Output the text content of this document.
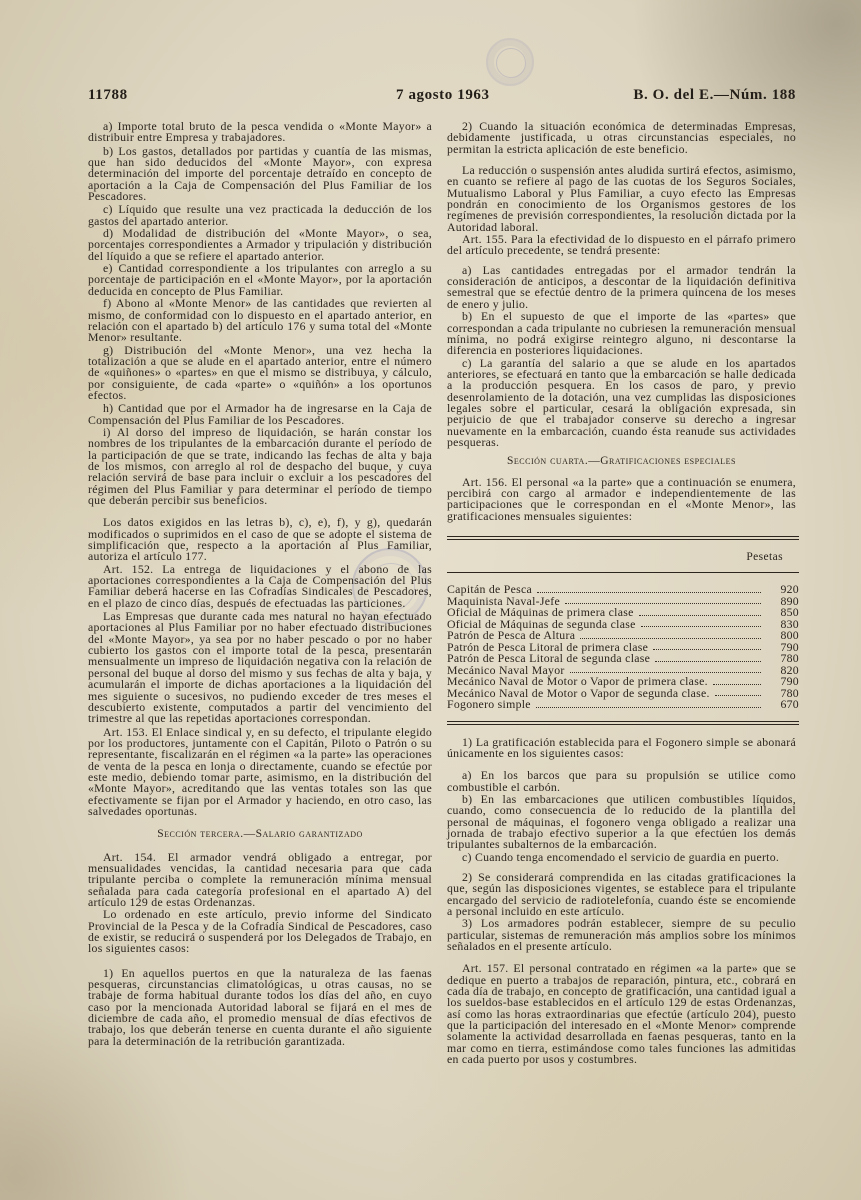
11788	7 agosto 1963	B. O. del E.—Núm. 188

a) Importe total bruto de la pesca vendida o «Monte Mayor» a distribuir entre Empresa y trabajadores.

b) Los gastos, detallados por partidas y cuantía de las mismas, que han sido deducidos del «Monte Mayor», con expresa determinación del importe del porcentaje detraído en concepto de aportación a la Caja de Compensación del Plus Familiar de los Pescadores.

c) Líquido que resulte una vez practicada la deducción de los gastos del apartado anterior.

d) Modalidad de distribución del «Monte Mayor», o sea, porcentajes correspondientes a Armador y tripulación y distribución del líquido a que se refiere el apartado anterior.

e) Cantidad correspondiente a los tripulantes con arreglo a su porcentaje de participación en el «Monte Mayor», por la aportación deducida en concepto de Plus Familiar.

f) Abono al «Monte Menor» de las cantidades que revierten al mismo, de conformidad con lo dispuesto en el apartado anterior, en relación con el apartado b) del artículo 176 y suma total del «Monte Menor» resultante.

g) Distribución del «Monte Menor», una vez hecha la totalización a que se alude en el apartado anterior, entre el número de «quiñones» o «partes» en que el mismo se distribuya, y cálculo, por consiguiente, de cada «parte» o «quiñón» a los oportunos efectos.

h) Cantidad que por el Armador ha de ingresarse en la Caja de Compensación del Plus Familiar de los Pescadores.

i) Al dorso del impreso de liquidación, se harán constar los nombres de los tripulantes de la embarcación durante el período de la participación de que se trate, indicando las fechas de alta y baja de los mismos, con arreglo al rol de despacho del buque, y cuya relación servirá de base para incluir o excluir a los pescadores del régimen del Plus Familiar y para determinar el período de tiempo que deberán percibir sus beneficios.

Los datos exigidos en las letras b), c), e), f), y g), quedarán modificados o suprimidos en el caso de que se adopte el sistema de simplificación que, respecto a la aportación al Plus Familiar, autoriza el artículo 177.

Art. 152. La entrega de liquidaciones y el abono de las aportaciones correspondientes a la Caja de Compensación del Plus Familiar deberá hacerse en las Cofradías Sindicales de Pescadores, en el plazo de cinco días, después de efectuadas las particiones.

Las Empresas que durante cada mes natural no hayan efectuado aportaciones al Plus Familiar por no haber efectuado distribuciones del «Monte Mayor», ya sea por no haber pescado o por no haber cubierto los gastos con el importe total de la pesca, presentarán mensualmente un impreso de liquidación negativa con la relación de personal del buque al dorso del mismo y sus fechas de alta y baja, y acumularán el importe de dichas aportaciones a la liquidación del mes siguiente o sucesivos, no pudiendo exceder de tres meses el descubierto existente, computados a partir del vencimiento del trimestre al que las repetidas aportaciones correspondan.

Art. 153. El Enlace sindical y, en su defecto, el tripulante elegido por los productores, juntamente con el Capitán, Piloto o Patrón o su representante, fiscalizarán en el régimen «a la parte» las operaciones de venta de la pesca en lonja o directamente, cuando se efectúe por este medio, debiendo tomar parte, asimismo, en la distribución del «Monte Mayor», acreditando que las ventas totales son las que efectivamente se fijan por el Armador y haciendo, en otro caso, las salvedades oportunas.

Sección tercera.—Salario garantizado

Art. 154. El armador vendrá obligado a entregar, por mensualidades vencidas, la cantidad necesaria para que cada tripulante perciba o complete la remuneración mínima mensual señalada para cada categoría profesional en el apartado A) del artículo 129 de estas Ordenanzas.

Lo ordenado en este artículo, previo informe del Sindicato Provincial de la Pesca y de la Cofradía Sindical de Pescadores, caso de existir, se reducirá o suspenderá por los Delegados de Trabajo, en los siguientes casos:

1) En aquellos puertos en que la naturaleza de las faenas pesqueras, circunstancias climatológicas, u otras causas, no se trabaje de forma habitual durante todos los días del año, en cuyo caso por la mencionada Autoridad laboral se fijará en el mes de diciembre de cada año, el promedio mensual de días efectivos de trabajo, los que deberán tenerse en cuenta durante el año siguiente para la determinación de la retribución garantizada.

2) Cuando la situación económica de determinadas Empresas, debidamente justificada, u otras circunstancias especiales, no permitan la estricta aplicación de este beneficio.

La reducción o suspensión antes aludida surtirá efectos, asimismo, en cuanto se refiere al pago de las cuotas de los Seguros Sociales, Mutualismo Laboral y Plus Familiar, a cuyo efecto las Empresas pondrán en conocimiento de los Organismos gestores de los regímenes de previsión correspondientes, la resolución dictada por la Autoridad laboral.

Art. 155. Para la efectividad de lo dispuesto en el párrafo primero del artículo precedente, se tendrá presente:

a) Las cantidades entregadas por el armador tendrán la consideración de anticipos, a descontar de la liquidación definitiva semestral que se efectúe dentro de la primera quincena de los meses de enero y julio.

b) En el supuesto de que el importe de las «partes» que correspondan a cada tripulante no cubriesen la remuneración mensual mínima, no podrá exigirse reintegro alguno, ni descontarse la diferencia en posteriores liquidaciones.

c) La garantía del salario a que se alude en los apartados anteriores, se efectuará en tanto que la embarcación se halle dedicada a la producción pesquera. En los casos de paro, y previo desenrolamiento de la dotación, una vez cumplidas las disposiciones legales sobre el particular, cesará la obligación expresada, sin perjuicio de que el trabajador conserve su derecho a ingresar nuevamente en la embarcación, cuando ésta reanude sus actividades pesqueras.

Sección cuarta.—Gratificaciones especiales

Art. 156. El personal «a la parte» que a continuación se enumera, percibirá con cargo al armador e independientemente de las participaciones que le correspondan en el «Monte Menor», las gratificaciones mensuales siguientes:

Pesetas
Capitán de Pesca	920
Maquinista Naval-Jefe	890
Oficial de Máquinas de primera clase	850
Oficial de Máquinas de segunda clase	830
Patrón de Pesca de Altura	800
Patrón de Pesca Litoral de primera clase	790
Patrón de Pesca Litoral de segunda clase	780
Mecánico Naval Mayor	820
Mecánico Naval de Motor o Vapor de primera clase.	790
Mecánico Naval de Motor o Vapor de segunda clase.	780
Fogonero simple	670

1) La gratificación establecida para el Fogonero simple se abonará únicamente en los siguientes casos:

a) En los barcos que para su propulsión se utilice como combustible el carbón.

b) En las embarcaciones que utilicen combustibles líquidos, cuando, como consecuencia de lo reducido de la plantilla del personal de máquinas, el fogonero venga obligado a realizar una jornada de trabajo efectivo superior a la que efectúen los demás tripulantes subalternos de la embarcación.

c) Cuando tenga encomendado el servicio de guardia en puerto.

2) Se considerará comprendida en las citadas gratificaciones la que, según las disposiciones vigentes, se establece para el tripulante encargado del servicio de radiotelefonía, cuando éste se encomiende a personal incluido en este artículo.

3) Los armadores podrán establecer, siempre de su peculio particular, sistemas de remuneración más amplios sobre los mínimos señalados en el presente artículo.

Art. 157. El personal contratado en régimen «a la parte» que se dedique en puerto a trabajos de reparación, pintura, etc., cobrará en cada día de trabajo, en concepto de gratificación, una cantidad igual a los sueldos-base establecidos en el artículo 129 de estas Ordenanzas, así como las horas extraordinarias que efectúe (artículo 204), puesto que la participación del interesado en el «Monte Menor» comprende solamente la actividad desarrollada en faenas pesqueras, tanto en la mar como en tierra, estimándose como tales funciones las admitidas en cada puerto por usos y costumbres.
